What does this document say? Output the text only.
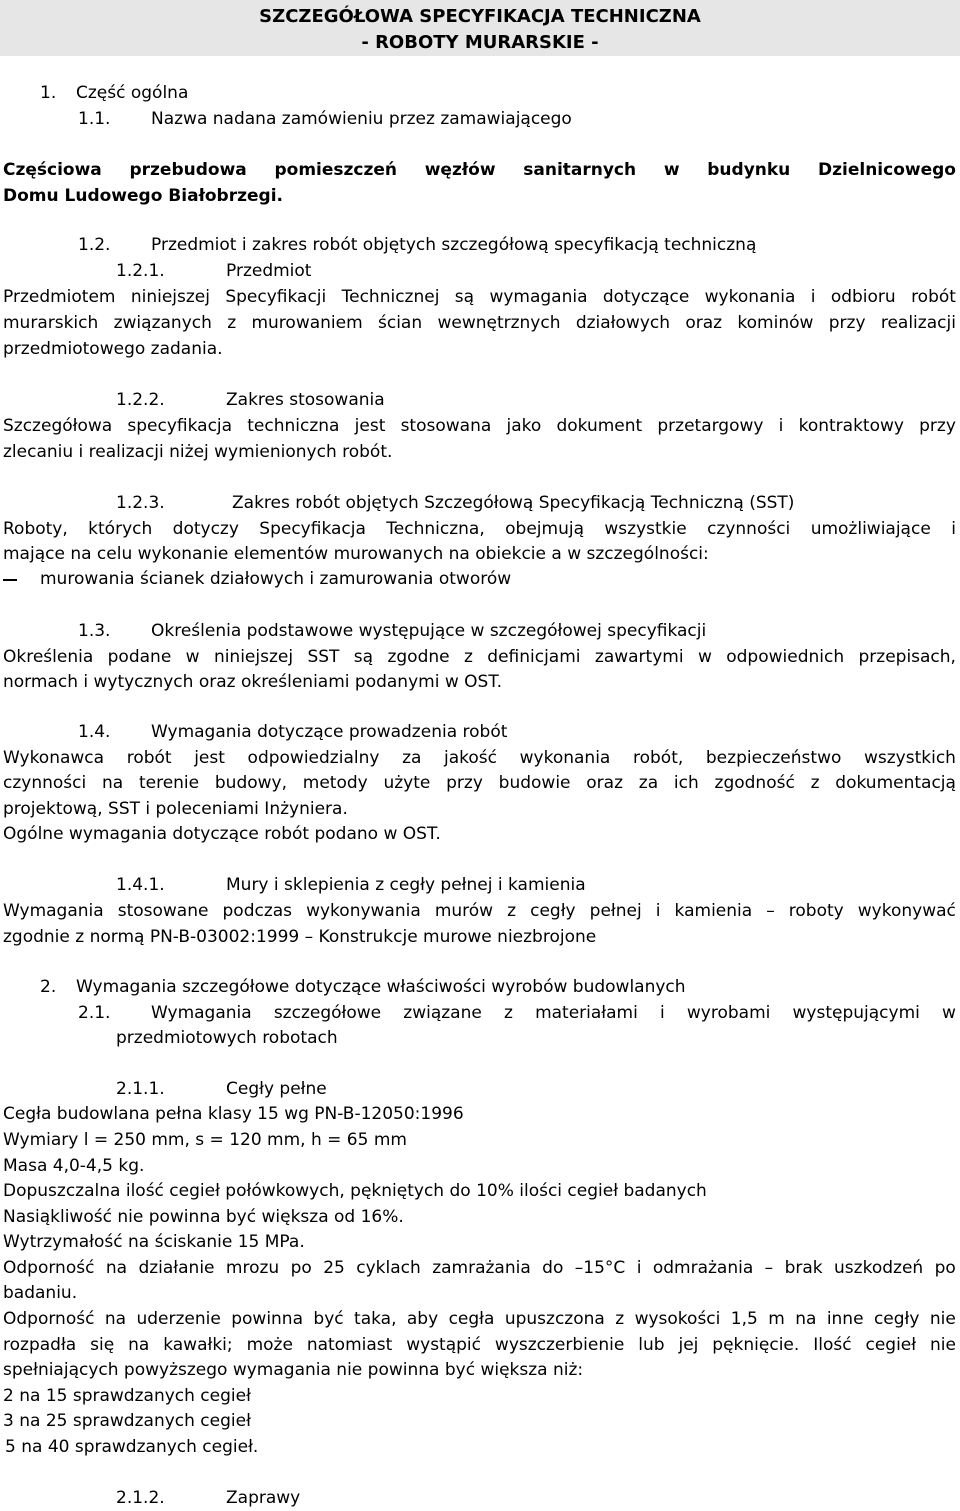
SZCZEGÓŁOWA SPECYFIKACJA TECHNICZNA
- ROBOTY MURARSKIE -
1. Część ogólna
1.1. Nazwa nadana zamówieniu przez zamawiającego
Częściowa przebudowa pomieszczeń węzłów sanitarnych w budynku Dzielnicowego
Domu Ludowego Białobrzegi.
1.2. Przedmiot i zakres robót objętych szczegółową specyfikacją techniczną
1.2.1.	Przedmiot
Przedmiotem niniejszej Specyfikacji Technicznej są wymagania dotyczące wykonania i odbioru robót
murarskich związanych z murowaniem ścian wewnętrznych działowych oraz kominów przy realizacji
przedmiotowego zadania.
1.2.2.	Zakres stosowania
Szczegółowa specyfikacja techniczna jest stosowana jako dokument przetargowy i kontraktowy przy
zlecaniu i realizacji niżej wymienionych robót.
1.2.3.	Zakres robót objętych Szczegółową Specyfikacją Techniczną (SST)
Roboty, których dotyczy Specyfikacja Techniczna, obejmują wszystkie czynności umożliwiające i
mające na celu wykonanie elementów murowanych na obiekcie a w szczególności:
murowania ścianek działowych i zamurowania otworów
1.3. Określenia podstawowe występujące w szczegółowej specyfikacji
Określenia podane w niniejszej SST są zgodne z definicjami zawartymi w odpowiednich przepisach,
normach i wytycznych oraz określeniami podanymi w OST.
1.4. Wymagania dotyczące prowadzenia robót
Wykonawca robót jest odpowiedzialny za jakość wykonania robót, bezpieczeństwo wszystkich
czynności na terenie budowy, metody użyte przy budowie oraz za ich zgodność z dokumentacją
projektową, SST i poleceniami Inżyniera.
Ogólne wymagania dotyczące robót podano w OST.
1.4.1.	Mury i sklepienia z cegły pełnej i kamienia
Wymagania stosowane podczas wykonywania murów z cegły pełnej i kamienia – roboty wykonywać
zgodnie z normą PN-B-03002:1999 – Konstrukcje murowe niezbrojone
2. Wymagania szczegółowe dotyczące właściwości wyrobów budowlanych
2.1. Wymagania szczegółowe związane z materiałami i wyrobami występującymi w
przedmiotowych robotach
2.1.1.	Cegły pełne
Cegła budowlana pełna klasy 15 wg PN-B-12050:1996
Wymiary l = 250 mm, s = 120 mm, h = 65 mm
Masa 4,0-4,5 kg.
Dopuszczalna ilość cegieł połówkowych, pękniętych do 10% ilości cegieł badanych
Nasiąkliwość nie powinna być większa od 16%.
Wytrzymałość na ściskanie 15 MPa.
Odporność na działanie mrozu po 25 cyklach zamrażania do –15°C i odmrażania – brak uszkodzeń po
badaniu.
Odporność na uderzenie powinna być taka, aby cegła upuszczona z wysokości 1,5 m na inne cegły nie
rozpadła się na kawałki; może natomiast wystąpić wyszczerbienie lub jej pęknięcie. Ilość cegieł nie
spełniających powyższego wymagania nie powinna być większa niż:
2 na 15 sprawdzanych cegieł
3 na 25 sprawdzanych cegieł
5 na 40 sprawdzanych cegieł.
2.1.2.	Zaprawy
